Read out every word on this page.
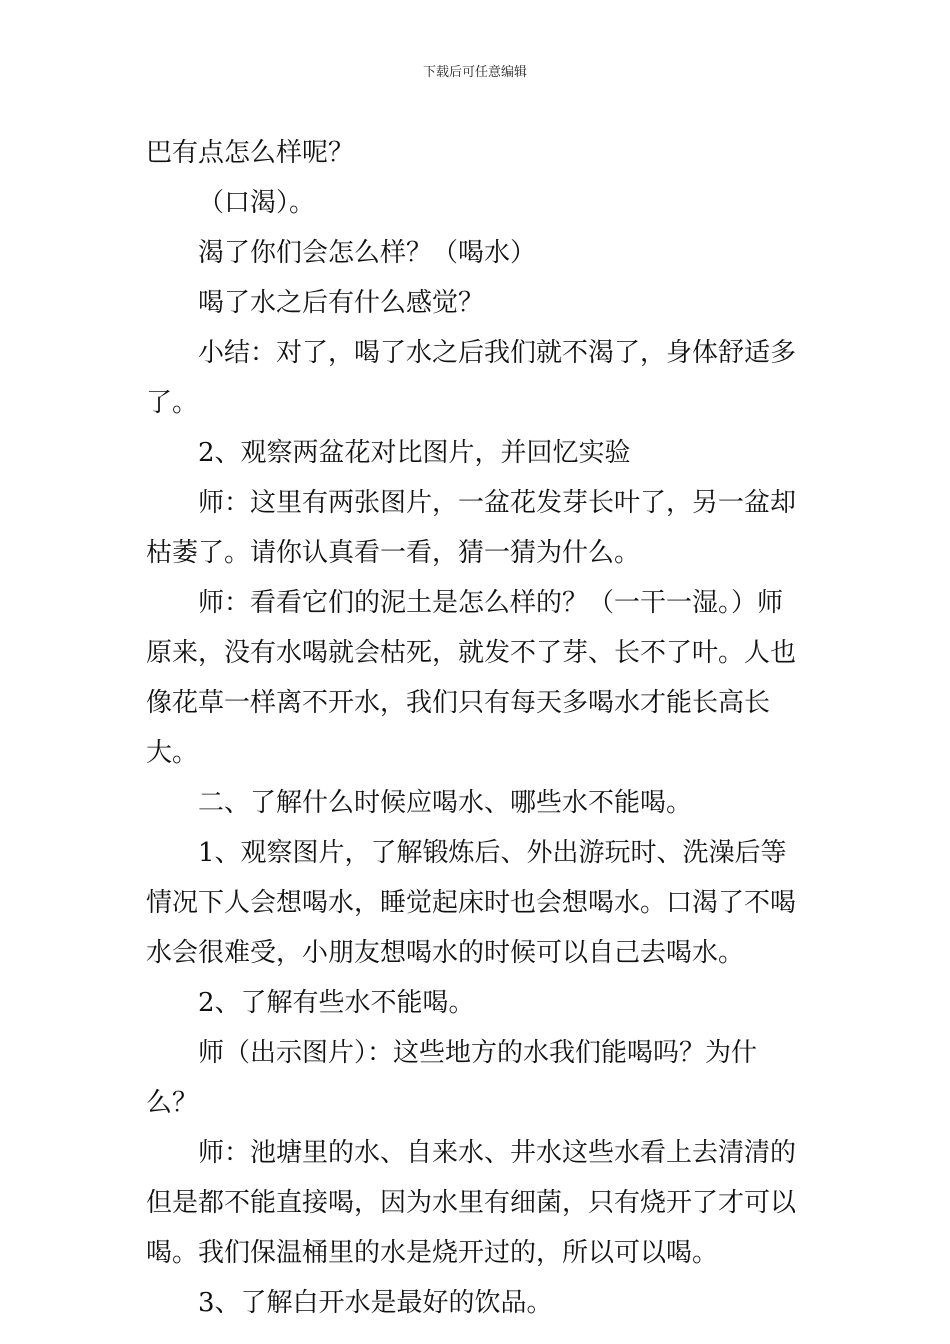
下载后可任意编辑

巴有点怎么样呢？

（口渴）。

渴了你们会怎么样？（喝水）

喝了水之后有什么感觉？

小结：对了，喝了水之后我们就不渴了，身体舒适多了。

2、观察两盆花对比图片，并回忆实验

师：这里有两张图片，一盆花发芽长叶了，另一盆却枯萎了。请你认真看一看，猜一猜为什么。

师：看看它们的泥土是怎么样的？（一干一湿。）师原来，没有水喝就会枯死，就发不了芽、长不了叶。人也像花草一样离不开水，我们只有每天多喝水才能长高长大。

二、了解什么时候应喝水、哪些水不能喝。

1、观察图片，了解锻炼后、外出游玩时、洗澡后等情况下人会想喝水，睡觉起床时也会想喝水。口渴了不喝水会很难受，小朋友想喝水的时候可以自己去喝水。

2、了解有些水不能喝。

师（出示图片）：这些地方的水我们能喝吗？为什么？

师：池塘里的水、自来水、井水这些水看上去清清的但是都不能直接喝，因为水里有细菌，只有烧开了才可以喝。我们保温桶里的水是烧开过的，所以可以喝。

3、了解白开水是最好的饮品。
